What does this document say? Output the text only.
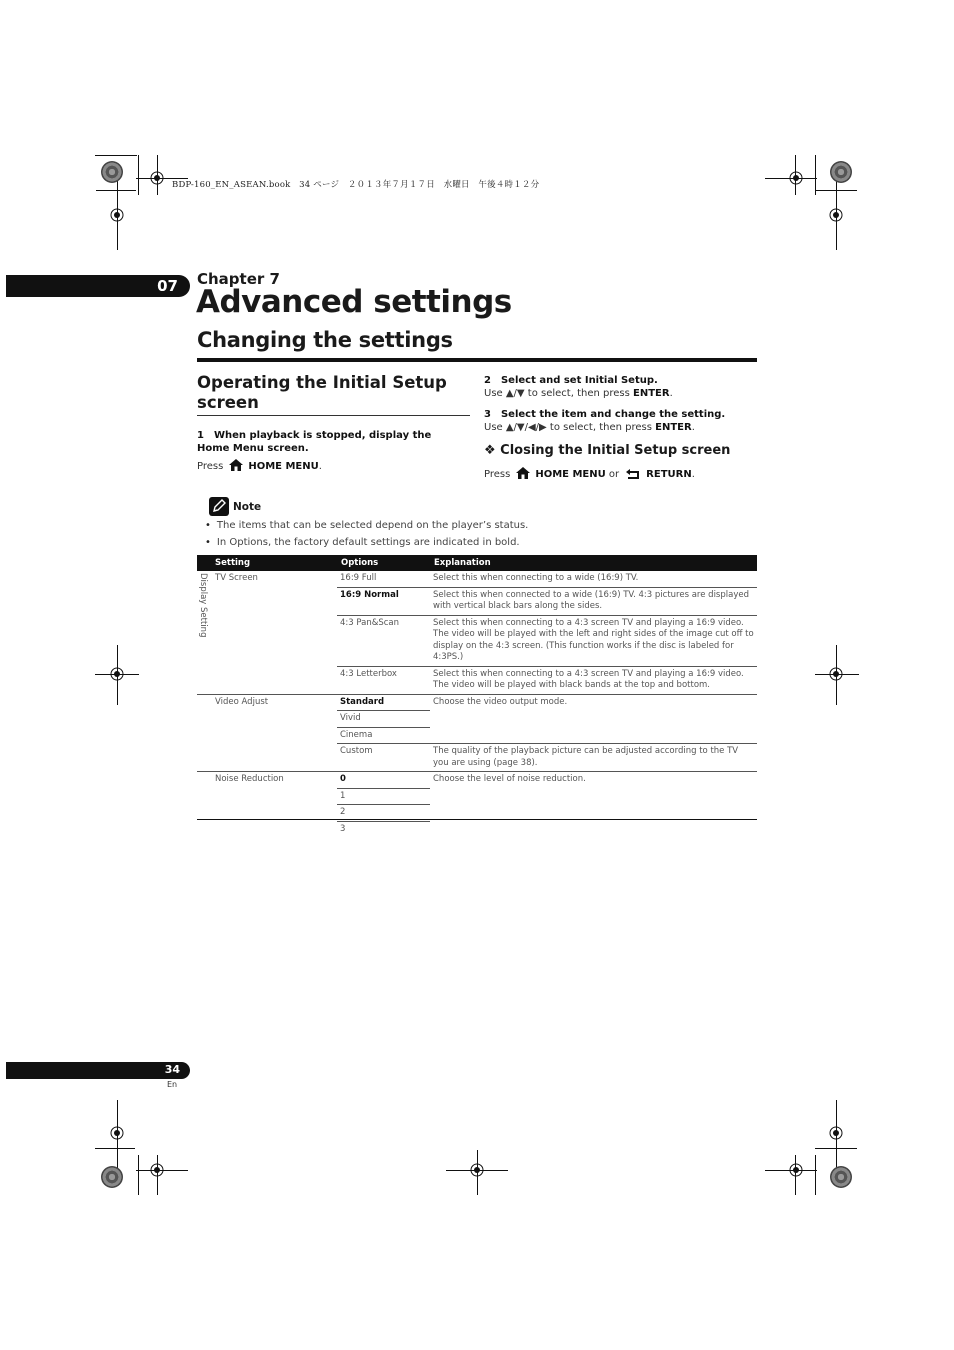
BDP-160_EN_ASEAN.book　34 ページ　２０１３年７月１７日　水曜日　午後４時１２分
07 Chapter 7
Advanced settings
Changing the settings
Operating the Initial Setup screen
1　When playback is stopped, display the Home Menu screen.
Press	HOME MENU.
2　Select and set Initial Setup.
Use ▲/▼ to select, then press ENTER.
3　Select the item and change the setting.
Use ▲/▼/◀/▶ to select, then press ENTER.
❖ Closing the Initial Setup screen
Press	HOME MENU or	RETURN.
Note
• The items that can be selected depend on the player’s status.
• In Options, the factory default settings are indicated in bold.
Display Setting
Setting	Options	Explanation
TV Screen	16:9 Full	Select this when connecting to a wide (16:9) TV.
	16:9 Normal	Select this when connected to a wide (16:9) TV. 4:3 pictures are displayed with vertical black bars along the sides.
	4:3 Pan&Scan	Select this when connecting to a 4:3 screen TV and playing a 16:9 video. The video will be played with the left and right sides of the image cut off to display on the 4:3 screen. (This function works if the disc is labeled for 4:3PS.)
	4:3 Letterbox	Select this when connecting to a 4:3 screen TV and playing a 16:9 video. The video will be played with black bands at the top and bottom.
Video Adjust	Standard	Choose the video output mode.
	Vivid	
	Cinema	
	Custom	The quality of the playback picture can be adjusted according to the TV you are using (page 38).
Noise Reduction	0	Choose the level of noise reduction.
	1	
	2	
	3	
34
En
